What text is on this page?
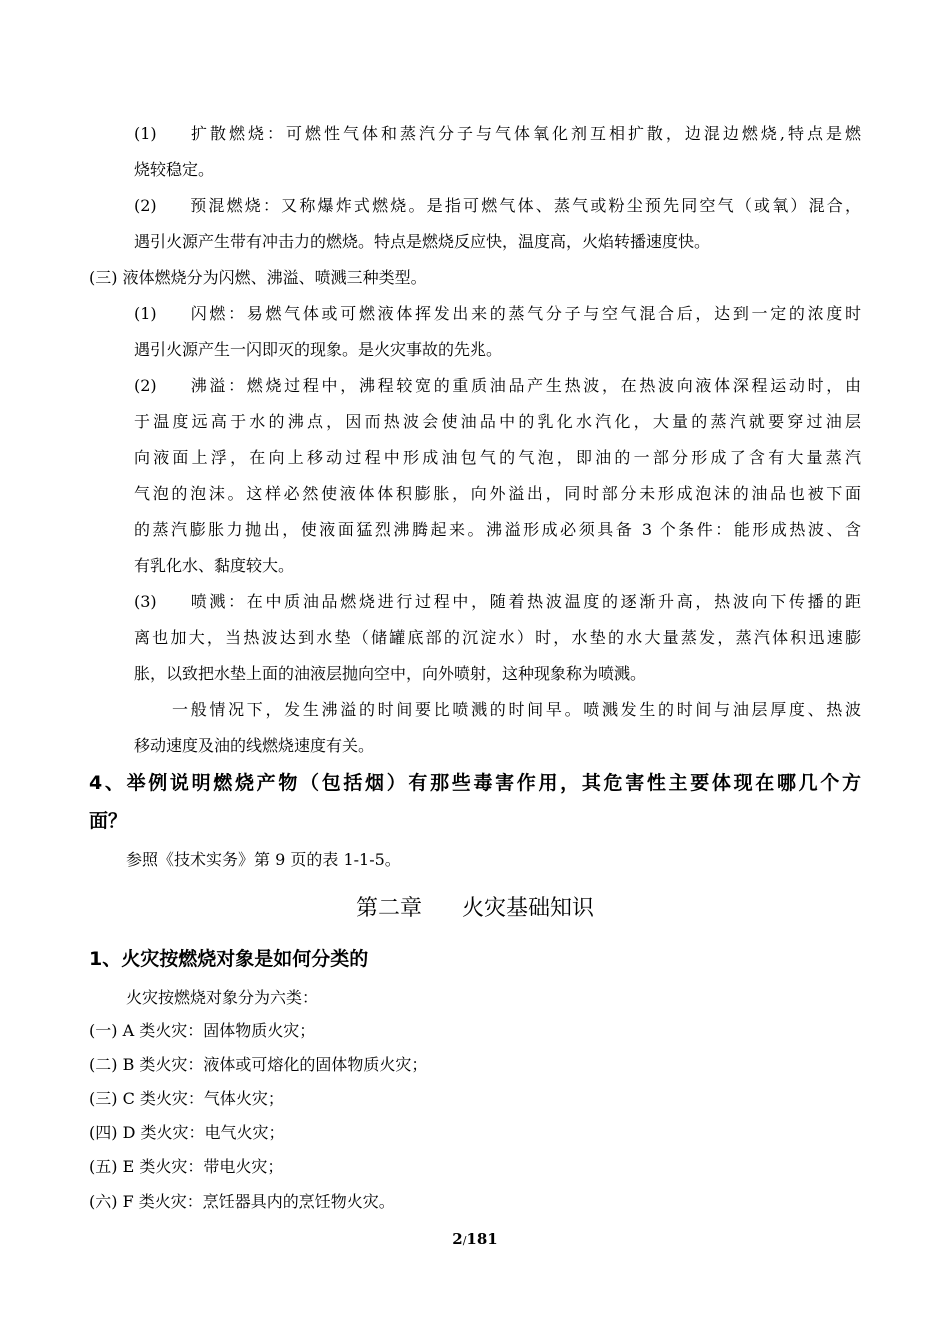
(1) 扩散燃烧：可燃性气体和蒸汽分子与气体氧化剂互相扩散，边混边燃烧,特点是燃
烧较稳定。
(2) 预混燃烧：又称爆炸式燃烧。是指可燃气体、蒸气或粉尘预先同空气（或氧）混合，
遇引火源产生带有冲击力的燃烧。特点是燃烧反应快，温度高，火焰转播速度快。
(三) 液体燃烧分为闪燃、沸溢、喷溅三种类型。
(1) 闪燃：易燃气体或可燃液体挥发出来的蒸气分子与空气混合后，达到一定的浓度时
遇引火源产生一闪即灭的现象。是火灾事故的先兆。
(2) 沸溢：燃烧过程中，沸程较宽的重质油品产生热波，在热波向液体深程运动时，由
于温度远高于水的沸点，因而热波会使油品中的乳化水汽化，大量的蒸汽就要穿过油层
向液面上浮，在向上移动过程中形成油包气的气泡，即油的一部分形成了含有大量蒸汽
气泡的泡沫。这样必然使液体体积膨胀，向外溢出，同时部分未形成泡沫的油品也被下面
的蒸汽膨胀力抛出，使液面猛烈沸腾起来。沸溢形成必须具备 3 个条件：能形成热波、含
有乳化水、黏度较大。
(3) 喷溅：在中质油品燃烧进行过程中，随着热波温度的逐渐升高，热波向下传播的距
离也加大，当热波达到水垫（储罐底部的沉淀水）时，水垫的水大量蒸发，蒸汽体积迅速膨
胀，以致把水垫上面的油液层抛向空中，向外喷射，这种现象称为喷溅。
一般情况下，发生沸溢的时间要比喷溅的时间早。喷溅发生的时间与油层厚度、热波
移动速度及油的线燃烧速度有关。
4、举例说明燃烧产物（包括烟）有那些毒害作用，其危害性主要体现在哪几个方
面？
参照《技术实务》第 9 页的表 1-1-5。
第二章 火灾基础知识
1、火灾按燃烧对象是如何分类的
火灾按燃烧对象分为六类：
(一) A 类火灾：固体物质火灾；
(二) B 类火灾：液体或可熔化的固体物质火灾；
(三) C 类火灾：气体火灾；
(四) D 类火灾：电气火灾；
(五) E 类火灾：带电火灾；
(六) F 类火灾：烹饪器具内的烹饪物火灾。
2/181
